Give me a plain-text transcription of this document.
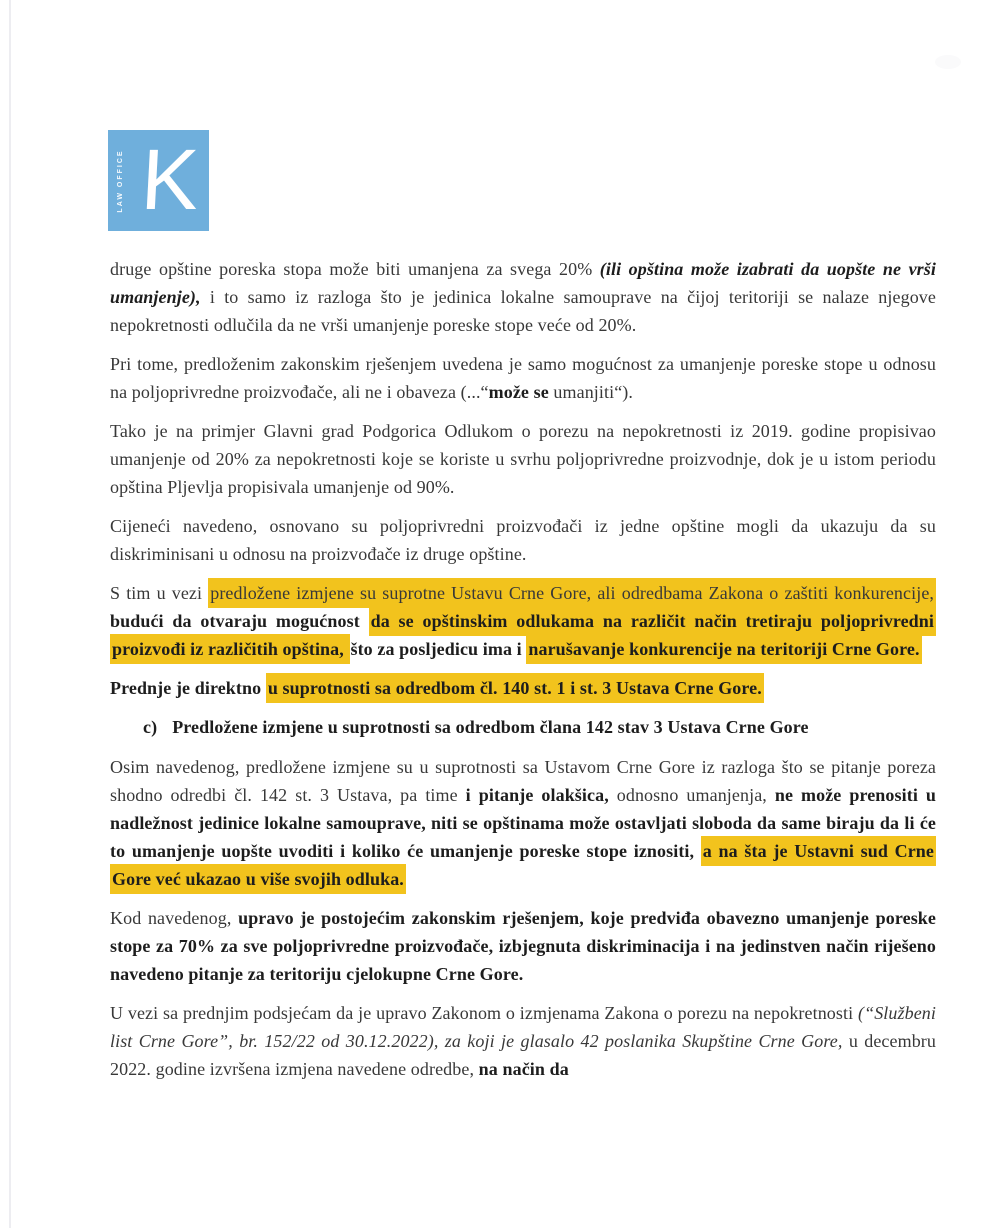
LAW OFFICE K

druge opštine poreska stopa može biti umanjena za svega 20% (ili opština može izabrati da uopšte ne vrši umanjenje), i to samo iz razloga što je jedinica lokalne samouprave na čijoj teritoriji se nalaze njegove nepokretnosti odlučila da ne vrši umanjenje poreske stope veće od 20%.

Pri tome, predloženim zakonskim rješenjem uvedena je samo mogućnost za umanjenje poreske stope u odnosu na poljoprivredne proizvođače, ali ne i obaveza (...“može se umanjiti“).

Tako je na primjer Glavni grad Podgorica Odlukom o porezu na nepokretnosti iz 2019. godine propisivao umanjenje od 20% za nepokretnosti koje se koriste u svrhu poljoprivredne proizvodnje, dok je u istom periodu opština Pljevlja propisivala umanjenje od 90%.

Cijeneći navedeno, osnovano su poljoprivredni proizvođači iz jedne opštine mogli da ukazuju da su diskriminisani u odnosu na proizvođače iz druge opštine.

S tim u vezi predložene izmjene su suprotne Ustavu Crne Gore, ali odredbama Zakona o zaštiti konkurencije, budući da otvaraju mogućnost da se opštinskim odlukama na različit način tretiraju poljoprivredni proizvođi iz različitih opština, što za posljedicu ima i narušavanje konkurencije na teritoriji Crne Gore.

Prednje je direktno u suprotnosti sa odredbom čl. 140 st. 1 i st. 3 Ustava Crne Gore.

c) Predložene izmjene u suprotnosti sa odredbom člana 142 stav 3 Ustava Crne Gore

Osim navedenog, predložene izmjene su u suprotnosti sa Ustavom Crne Gore iz razloga što se pitanje poreza shodno odredbi čl. 142 st. 3 Ustava, pa time i pitanje olakšica, odnosno umanjenja, ne može prenositi u nadležnost jedinice lokalne samouprave, niti se opštinama može ostavljati sloboda da same biraju da li će to umanjenje uopšte uvoditi i koliko će umanjenje poreske stope iznositi, a na šta je Ustavni sud Crne Gore već ukazao u više svojih odluka.

Kod navedenog, upravo je postojećim zakonskim rješenjem, koje predviđa obavezno umanjenje poreske stope za 70% za sve poljoprivredne proizvođače, izbjegnuta diskriminacija i na jedinstven način riješeno navedeno pitanje za teritoriju cjelokupne Crne Gore.

U vezi sa prednjim podsjećam da je upravo Zakonom o izmjenama Zakona o porezu na nepokretnosti (“Službeni list Crne Gore”, br. 152/22 od 30.12.2022), za koji je glasalo 42 poslanika Skupštine Crne Gore, u decembru 2022. godine izvršena izmjena navedene odredbe, na način da
